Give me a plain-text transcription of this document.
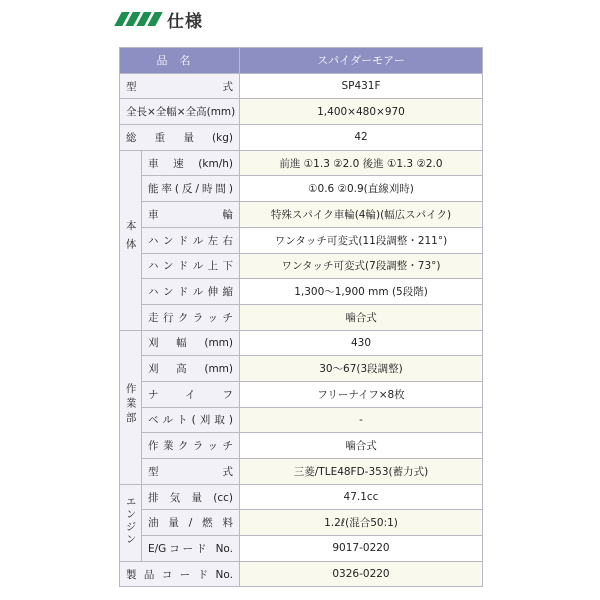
仕様
品名		スパイダーモアー

型式		SP431F

全長×全幅×全高(mm)		1,400×480×970

総重量(kg)		42
本体	車速(km/h)	前進 ①1.3 ②2.0 後進 ①1.3 ②2.0

	能率(反/時間)	①0.6 ②0.9(直線刈時)

	車輪	特殊スパイク車輪(4輪)(幅広スパイク)

	ハンドル左右	ワンタッチ可変式(11段調整・211°)

	ハンドル上下	ワンタッチ可変式(7段調整・73°)

	ハンドル伸縮	1,300～1,900 mm (5段階)

	走行クラッチ	噛合式
作業部	刈幅(mm)	430

	刈高(mm)	30～67(3段調整)

	ナイフ	フリーナイフ×8枚

	ベルト(刈取)	-

	作業クラッチ	噛合式

	型式	三菱/TLE48FD-353(蓄力式)
エンジン	排気量(cc)	47.1cc

	油量/燃料	1.2ℓ(混合50:1)

	E/Gコード No.	9017-0220

製品コードNo.		0326-0220
